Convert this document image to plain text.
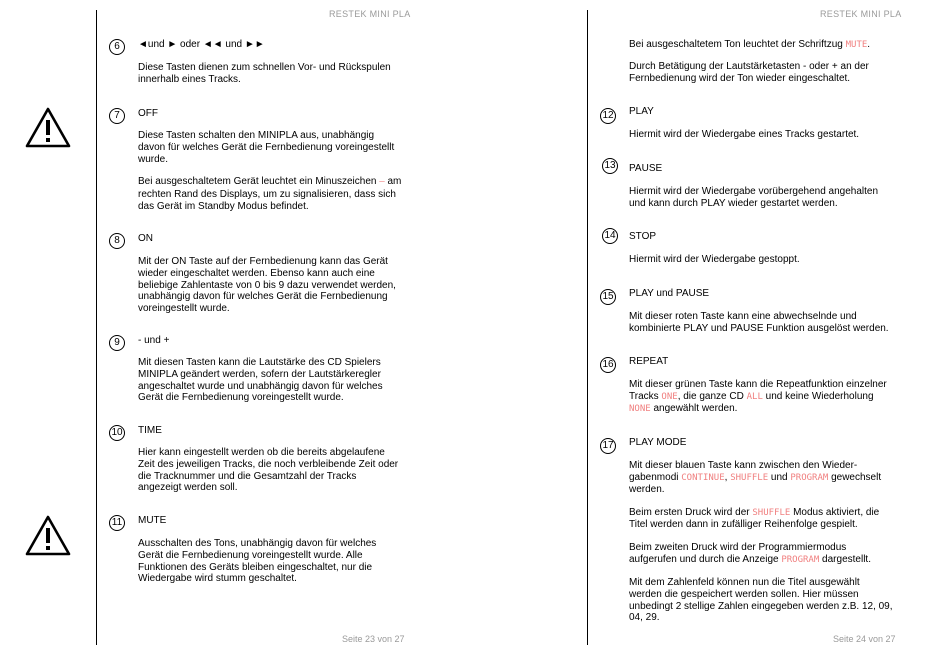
RESTEK MINI PLA	RESTEK MINI PLA
Seite 23 von 27	Seite 24 von 27
6	◄und ► oder ◄◄ und ►►
Diese Tasten dienen zum schnellen Vor- und Rückspulen
innerhalb eines Tracks.
7	OFF
Diese Tasten schalten den MINIPLA aus, unabhängig
davon für welches Gerät die Fernbedienung voreingestellt
wurde.
Bei ausgeschaltetem Gerät leuchtet ein Minuszeichen – am
rechten Rand des Displays, um zu signalisieren, dass sich
das Gerät im Standby Modus befindet.
8	ON
Mit der ON Taste auf der Fernbedienung kann das Gerät
wieder eingeschaltet werden. Ebenso kann auch eine
beliebige Zahlentaste von 0 bis 9 dazu verwendet werden,
unabhängig davon für welches Gerät die Fernbedienung
voreingestellt wurde.
9	- und +
Mit diesen Tasten kann die Lautstärke des CD Spielers
MINIPLA geändert werden, sofern der Lautstärkeregler
angeschaltet wurde und unabhängig davon für welches
Gerät die Fernbedienung voreingestellt wurde.
10 TIME
Hier kann eingestellt werden ob die bereits abgelaufene
Zeit des jeweiligen Tracks, die noch verbleibende Zeit oder
die Tracknummer und die Gesamtzahl der Tracks
angezeigt werden soll.
11 MUTE
Ausschalten des Tons, unabhängig davon für welches
Gerät die Fernbedienung voreingestellt wurde. Alle
Funktionen des Geräts bleiben eingeschaltet, nur die
Wiedergabe wird stumm geschaltet.
Bei ausgeschaltetem Ton leuchtet der Schriftzug MUTE.
Durch Betätigung der Lautstärketasten - oder + an der
Fernbedienung wird der Ton wieder eingeschaltet.
12 PLAY
Hiermit wird der Wiedergabe eines Tracks gestartet.
13 PAUSE
Hiermit wird der Wiedergabe vorübergehend angehalten
und kann durch PLAY wieder gestartet werden.
14 STOP
Hiermit wird der Wiedergabe gestoppt.
15 PLAY und PAUSE
Mit dieser roten Taste kann eine abwechselnde und
kombinierte PLAY und PAUSE Funktion ausgelöst werden.
16 REPEAT
Mit dieser grünen Taste kann die Repeatfunktion einzelner
Tracks ONE, die ganze CD ALL und keine Wiederholung
NONE angewählt werden.
17 PLAY MODE
Mit dieser blauen Taste kann zwischen den Wieder-
gabenmodi CONTINUE, SHUFFLE und PROGRAM gewechselt
werden.
Beim ersten Druck wird der SHUFFLE Modus aktiviert, die
Titel werden dann in zufälliger Reihenfolge gespielt.
Beim zweiten Druck wird der Programmiermodus
aufgerufen und durch die Anzeige PROGRAM dargestellt.
Mit dem Zahlenfeld können nun die Titel ausgewählt
werden die gespeichert werden sollen. Hier müssen
unbedingt 2 stellige Zahlen eingegeben werden z.B. 12, 09,
04, 29.
